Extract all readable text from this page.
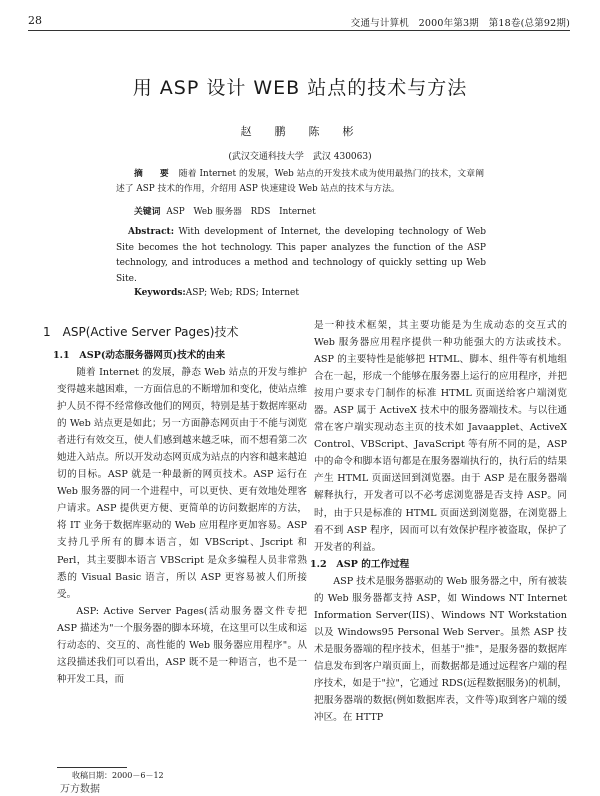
28	交通与计算机　2000年第3期　第18卷(总第92期)
用 ASP 设计 WEB 站点的技术与方法
赵　鹏　陈　彬
(武汉交通科技大学　武汉 430063)
摘　要 随着 Internet 的发展，Web 站点的开发技术成为使用最热门的技术，文章阐述了 ASP 技术的作用，介绍用 ASP 快速建设 Web 站点的技术与方法。
关键词 ASP　Web 服务器　RDS　Internet
Abstract: With development of Internet, the developing technology of Web Site becomes the hot technology. This paper analyzes the function of the ASP technology, and introduces a method and technology of quickly setting up Web Site.
Keywords:ASP; Web; RDS; Internet
1　ASP(Active Server Pages)技术
1.1　ASP(动态服务器网页)技术的由来

随着 Internet 的发展，静态 Web 站点的开发与维护变得越来越困难，一方面信息的不断增加和变化，使站点维护人员不得不经常修改他们的网页，特别是基于数据库驱动的 Web 站点更是如此；另一方面静态网页由于不能与浏览者进行有效交互，使人们感到越来越乏味，而不想看第二次她进入站点。所以开发动态网页成为站点的内容和越来越迫切的目标。ASP 就是一种最新的网页技术。ASP 运行在 Web 服务器的同一个进程中，可以更快、更有效地处理客户请求。ASP 提供更方便、更简单的访问数据库的方法，将 IT 业务于数据库驱动的 Web 应用程序更加容易。ASP 支持几乎所有的脚本语言，如 VBScript、Jscript 和 Perl，其主要脚本语言 VBScript 是众多编程人员非常熟悉的 Visual Basic 语言，所以 ASP 更容易被人们所接受。

ASP: Active Server Pages(活动服务器文件专把 ASP 描述为"一个服务器的脚本环境，在这里可以生成和运行动态的、交互的、高性能的 Web 服务器应用程序"。从这段描述我们可以看出，ASP 既不是一种语言，也不是一种开发工具，而

是一种技术框架，其主要功能是为生成动态的交互式的 Web 服务器应用程序提供一种功能强大的方法或技术。ASP 的主要特性是能够把 HTML、脚本、组件等有机地组合在一起，形成一个能够在服务器上运行的应用程序，并把按用户要求专门制作的标准 HTML 页面送给客户端浏览器。ASP 属于 ActiveX 技术中的服务器端技术。与以往通常在客户端实现动态主页的技术如 Javaapplet、ActiveX Control、VBScript、JavaScript 等有所不同的是，ASP 中的命令和脚本语句都是在服务器端执行的，执行后的结果产生 HTML 页面送回到浏览器。由于 ASP 是在服务器端解释执行，开发者可以不必考虑浏览器是否支持 ASP。同时，由于只是标准的 HTML 页面送到浏览器，在浏览器上看不到 ASP 程序，因而可以有效保护程序被盗取，保护了开发者的利益。

1.2　ASP 的工作过程

ASP 技术是服务器驱动的 Web 服务器之中，所有被装的 Web 服务器都支持 ASP，如 Windows NT Internet Information Server(IIS)、Windows NT Workstation 以及 Windows95 Personal Web Server。虽然 ASP 技术是服务器端的程序技术，但基于"推"，是服务器的数据库信息发布到客户端页面上，而数据都是通过远程客户端的程序技术，如是于"拉"，它通过 RDS(远程数据服务)的机制，把服务器端的数据(例如数据库表，文件等)取到客户端的缓冲区。在 HTTP

收稿日期：2000－6－12
万方数据
